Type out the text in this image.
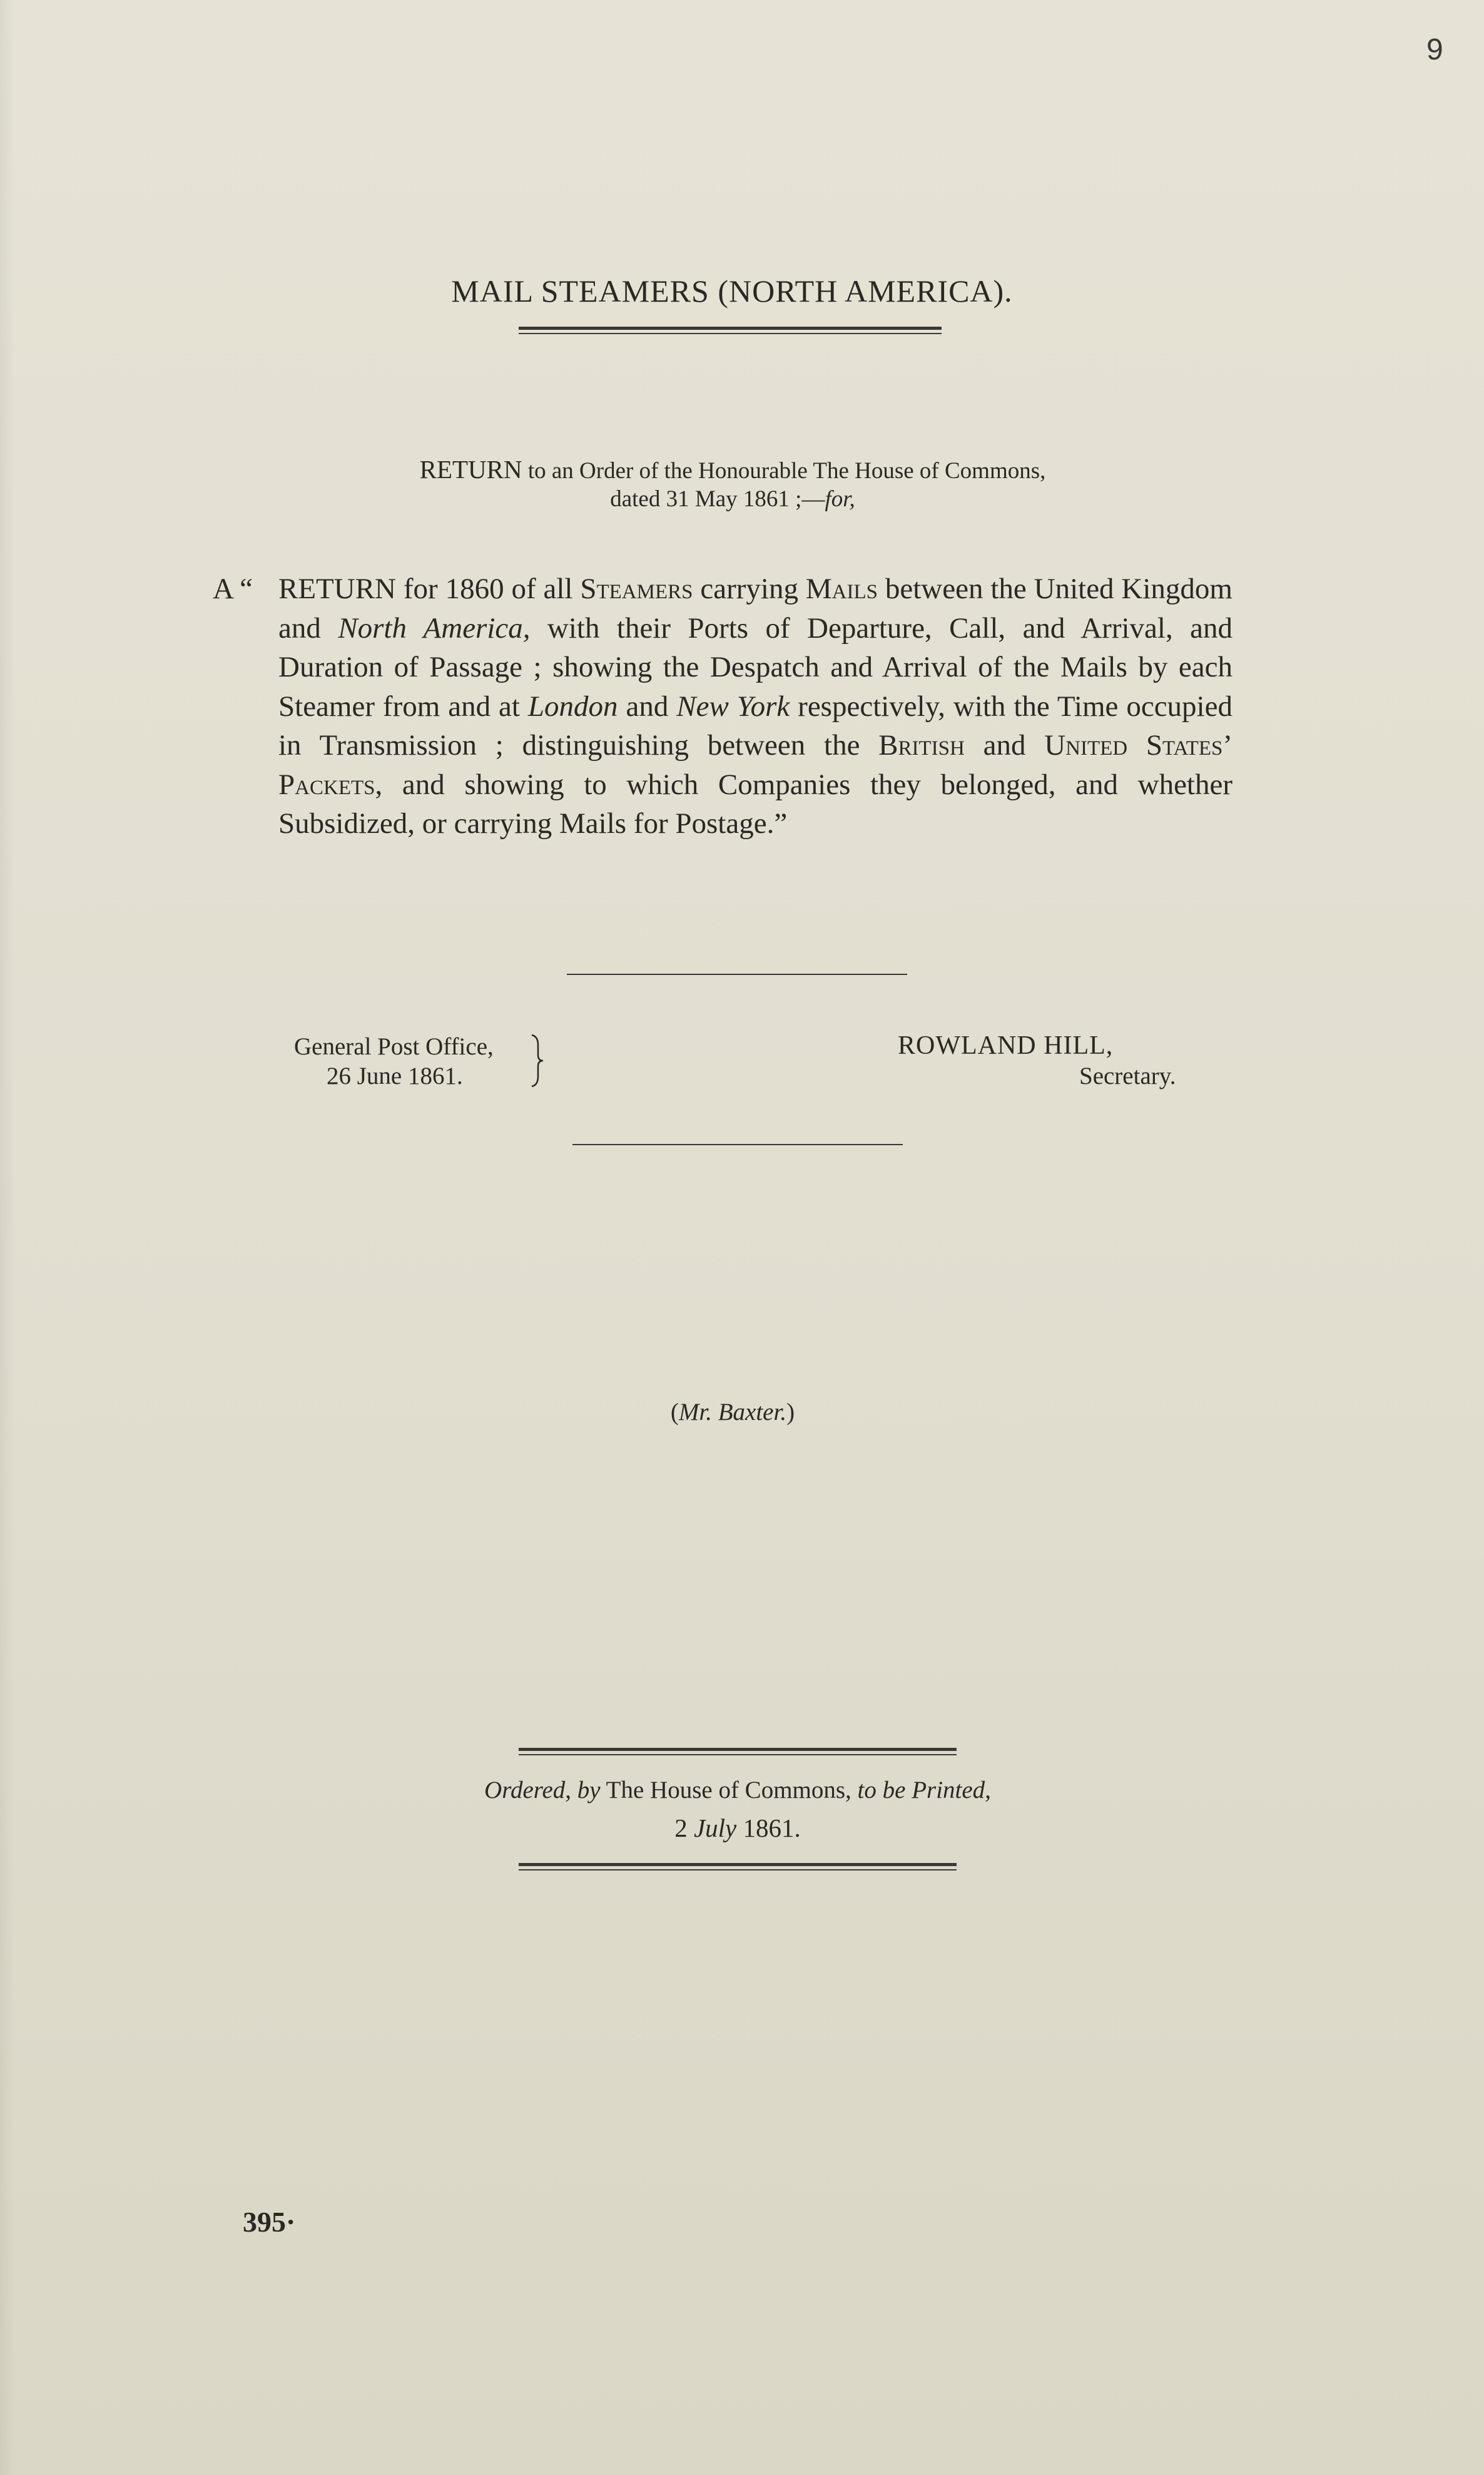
9
MAIL STEAMERS (NORTH AMERICA).
RETURN to an Order of the Honourable The House of Commons,
dated 31 May 1861 ;—for,
A “ RETURN for 1860 of all Steamers carrying Mails between the United Kingdom and North America, with their Ports of Departure, Call, and Arrival, and Duration of Passage ; showing the Despatch and Arrival of the Mails by each Steamer from and at London and New York respectively, with the Time occupied in Transmission ; distinguishing between the British and United States’ Packets, and showing to which Companies they belonged, and whether Subsidized, or carrying Mails for Postage.”
General Post Office,
26 June 1861.
ROWLAND HILL,
Secretary.
(Mr. Baxter.)
Ordered, by The House of Commons, to be Printed,
2 July 1861.
395·
